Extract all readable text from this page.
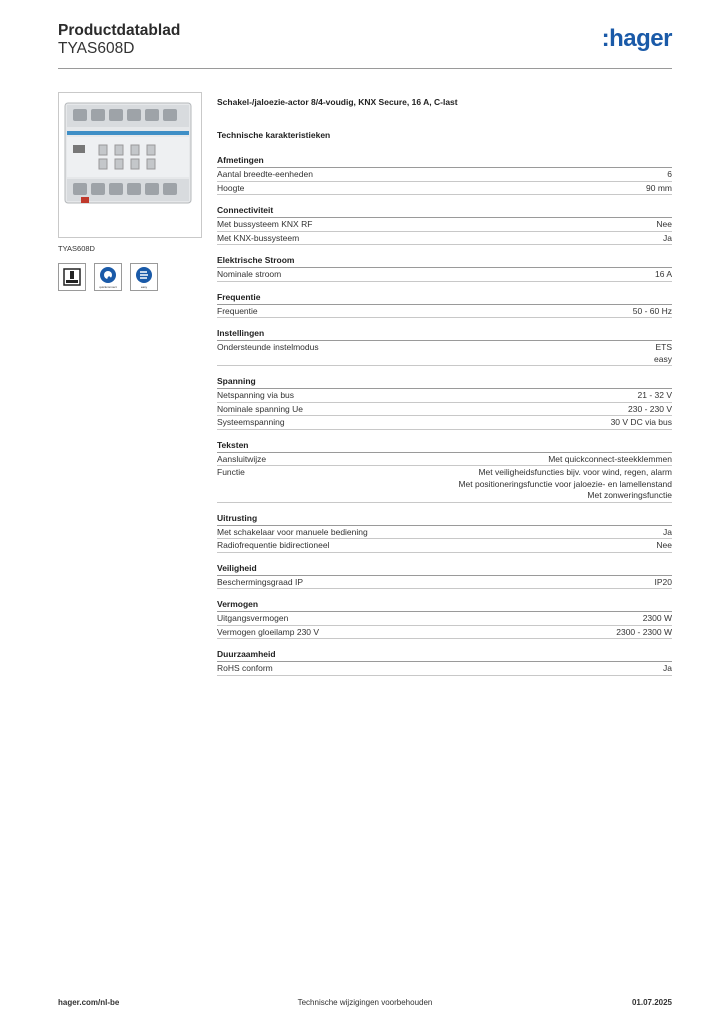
Productdatablad
TYAS608D	:hager
TYAS608D
quickconnect	easy
Schakel-/jaloezie-actor 8/4-voudig, KNX Secure, 16 A, C-last
Technische karakteristieken
Afmetingen
Aantal breedte-eenheden	6
Hoogte	90 mm
Connectiviteit
Met bussysteem KNX RF	Nee
Met KNX-bussysteem	Ja
Elektrische Stroom
Nominale stroom	16 A
Frequentie
Frequentie	50 - 60 Hz
Instellingen
Ondersteunde instelmodus	ETS
easy
Spanning
Netspanning via bus	21 - 32 V
Nominale spanning Ue	230 - 230 V
Systeemspanning	30 V DC via bus
Teksten
Aansluitwijze	Met quickconnect-steekklemmen
Functie	Met veiligheidsfuncties bijv. voor wind, regen, alarm
Met positioneringsfunctie voor jaloezie- en lamellenstand
Met zonweringsfunctie
Uitrusting
Met schakelaar voor manuele bediening	Ja
Radiofrequentie bidirectioneel	Nee
Veiligheid
Beschermingsgraad IP	IP20
Vermogen
Uitgangsvermogen	2300 W
Vermogen gloeilamp 230 V	2300 - 2300 W
Duurzaamheid
RoHS conform	Ja
hager.com/nl-be	Technische wijzigingen voorbehouden	01.07.2025
